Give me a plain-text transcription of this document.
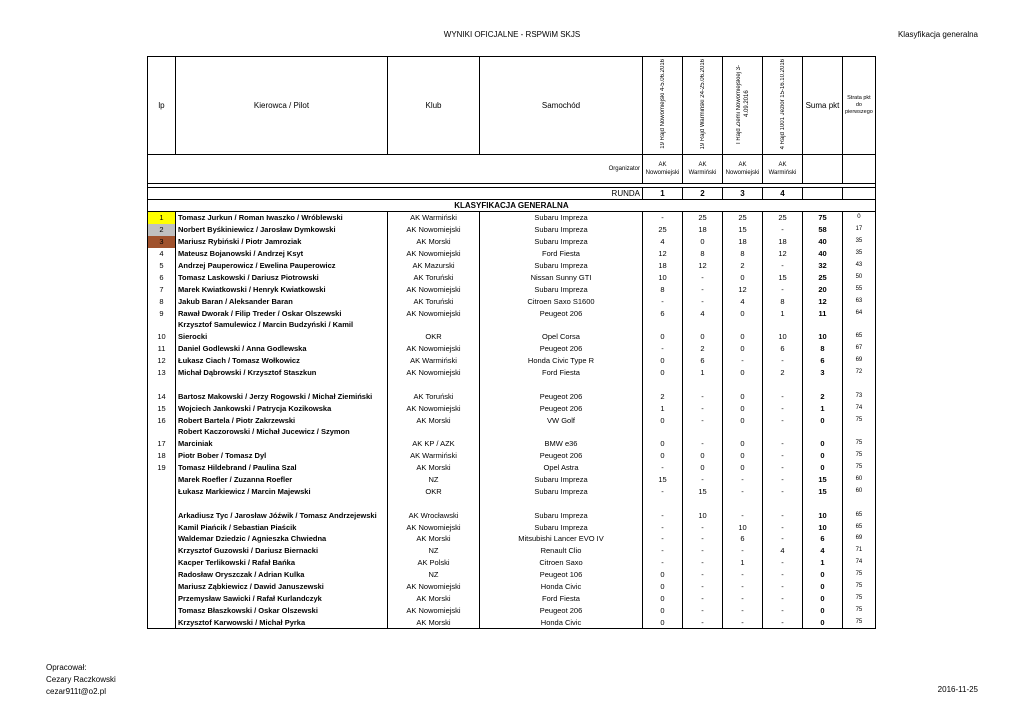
WYNIKI OFICJALNE - RSPWiM SKJS	Klasyfikacja generalna
lp	Kierowca / Pilot	Klub	Samochód	19 Rajd Nowomiejski 4-5.06.2016	19 Rajd Warmiński 24-25.06.2016	I Rajd Ziemi Nowomiejskiej 3-4.09.2016	4 Rajd 1001 Jezior 15-16.10.2016	Suma pkt	Strata pkt do pierwszego
Organizator				AK Nowomiejski	AK Warmiński	AK Nowomiejski	AK Warmiński		

RUNDA				1	2	3	4		
KLASYFIKACJA GENERALNA									
1	Tomasz Jurkun / Roman Iwaszko / Wróblewski	AK Warmiński	Subaru Impreza	-	25	25	25	75	0
2	Norbert Byśkiniewicz / Jarosław Dymkowski	AK Nowomiejski	Subaru Impreza	25	18	15	-	58	17
3	Mariusz Rybiński / Piotr Jamroziak	AK Morski	Subaru Impreza	4	0	18	18	40	35
4	Mateusz Bojanowski / Andrzej Ksyt	AK Nowomiejski	Ford Fiesta	12	8	8	12	40	35
5	Andrzej Pauperowicz / Ewelina Pauperowicz	AK Mazurski	Subaru Impreza	18	12	2	-	32	43
6	Tomasz Laskowski / Dariusz Piotrowski	AK Toruński	Nissan Sunny GTI	10	-	0	15	25	50
7	Marek Kwiatkowski / Henryk Kwiatkowski	AK Nowomiejski	Subaru Impreza	8	-	12	-	20	55
8	Jakub Baran / Aleksander Baran	AK Toruński	Citroen Saxo S1600	-	-	4	8	12	63
9	Rawał Dworak / Filip Treder / Oskar Olszewski	AK Nowomiejski	Peugeot 206	6	4	0	1	11	64
	Krzysztof Samulewicz / Marcin Budzyński / Kamil								
10	Sierocki	OKR	Opel Corsa	0	0	0	10	10	65
11	Daniel Godlewski / Anna Godlewska	AK Nowomiejski	Peugeot 206	-	2	0	6	8	67
12	Łukasz Ciach / Tomasz Wołkowicz	AK Warmiński	Honda Civic Type R	0	6	-	-	6	69
13	Michał Dąbrowski / Krzysztof Staszkun	AK Nowomiejski	Ford Fiesta	0	1	0	2	3	72

14	Bartosz Makowski / Jerzy Rogowski / Michał Ziemiński	AK Toruński	Peugeot 206	2	-	0	-	2	73
15	Wojciech Jankowski / Patrycja Kozikowska	AK Nowomiejski	Peugeot 206	1	-	0	-	1	74
16	Robert Bartela / Piotr Zakrzewski	AK Morski	VW Golf	0	-	0	-	0	75
	Robert Kaczorowski / Michał Jucewicz / Szymon								
17	Marciniak	AK KP / AZK	BMW e36	0	-	0	-	0	75
18	Piotr Bober / Tomasz Dyl	AK Warmiński	Peugeot 206	0	0	0	-	0	75
19	Tomasz Hildebrand / Paulina Szal	AK Morski	Opel Astra	-	0	0	-	0	75
	Marek Roefler / Zuzanna Roefler	NZ	Subaru Impreza	15	-	-	-	15	60
	Łukasz Markiewicz / Marcin Majewski	OKR	Subaru Impreza	-	15	-	-	15	60

	Arkadiusz Tyc / Jarosław Jóźwik / Tomasz Andrzejewski	AK Wrocławski	Subaru Impreza	-	10	-	-	10	65
	Kamil Piańcik / Sebastian Piaścik	AK Nowomiejski	Subaru Impreza	-	-	10	-	10	65
	Waldemar Dziedzic / Agnieszka Chwiedna	AK Morski	Mitsubishi Lancer EVO IV	-	-	6	-	6	69
	Krzysztof Guzowski / Dariusz Biernacki	NZ	Renault Clio	-	-	-	4	4	71
	Kacper Terlikowski / Rafał Bańka	AK Polski	Citroen Saxo	-	-	1	-	1	74
	Radosław Oryszczak / Adrian Kulka	NZ	Peugeot 106	0	-	-	-	0	75
	Mariusz Ząbkiewicz / Dawid Januszewski	AK Nowomiejski	Honda Civic	0	-	-	-	0	75
	Przemysław Sawicki / Rafał Kurlandczyk	AK Morski	Ford Fiesta	0	-	-	-	0	75
	Tomasz Błaszkowski / Oskar Olszewski	AK Nowomiejski	Peugeot 206	0	-	-	-	0	75
	Krzysztof Karwowski / Michał Pyrka	AK Morski	Honda Civic	0	-	-	-	0	75
Opracował:
Cezary Raczkowski
cezar911t@o2.pl	2016-11-25
